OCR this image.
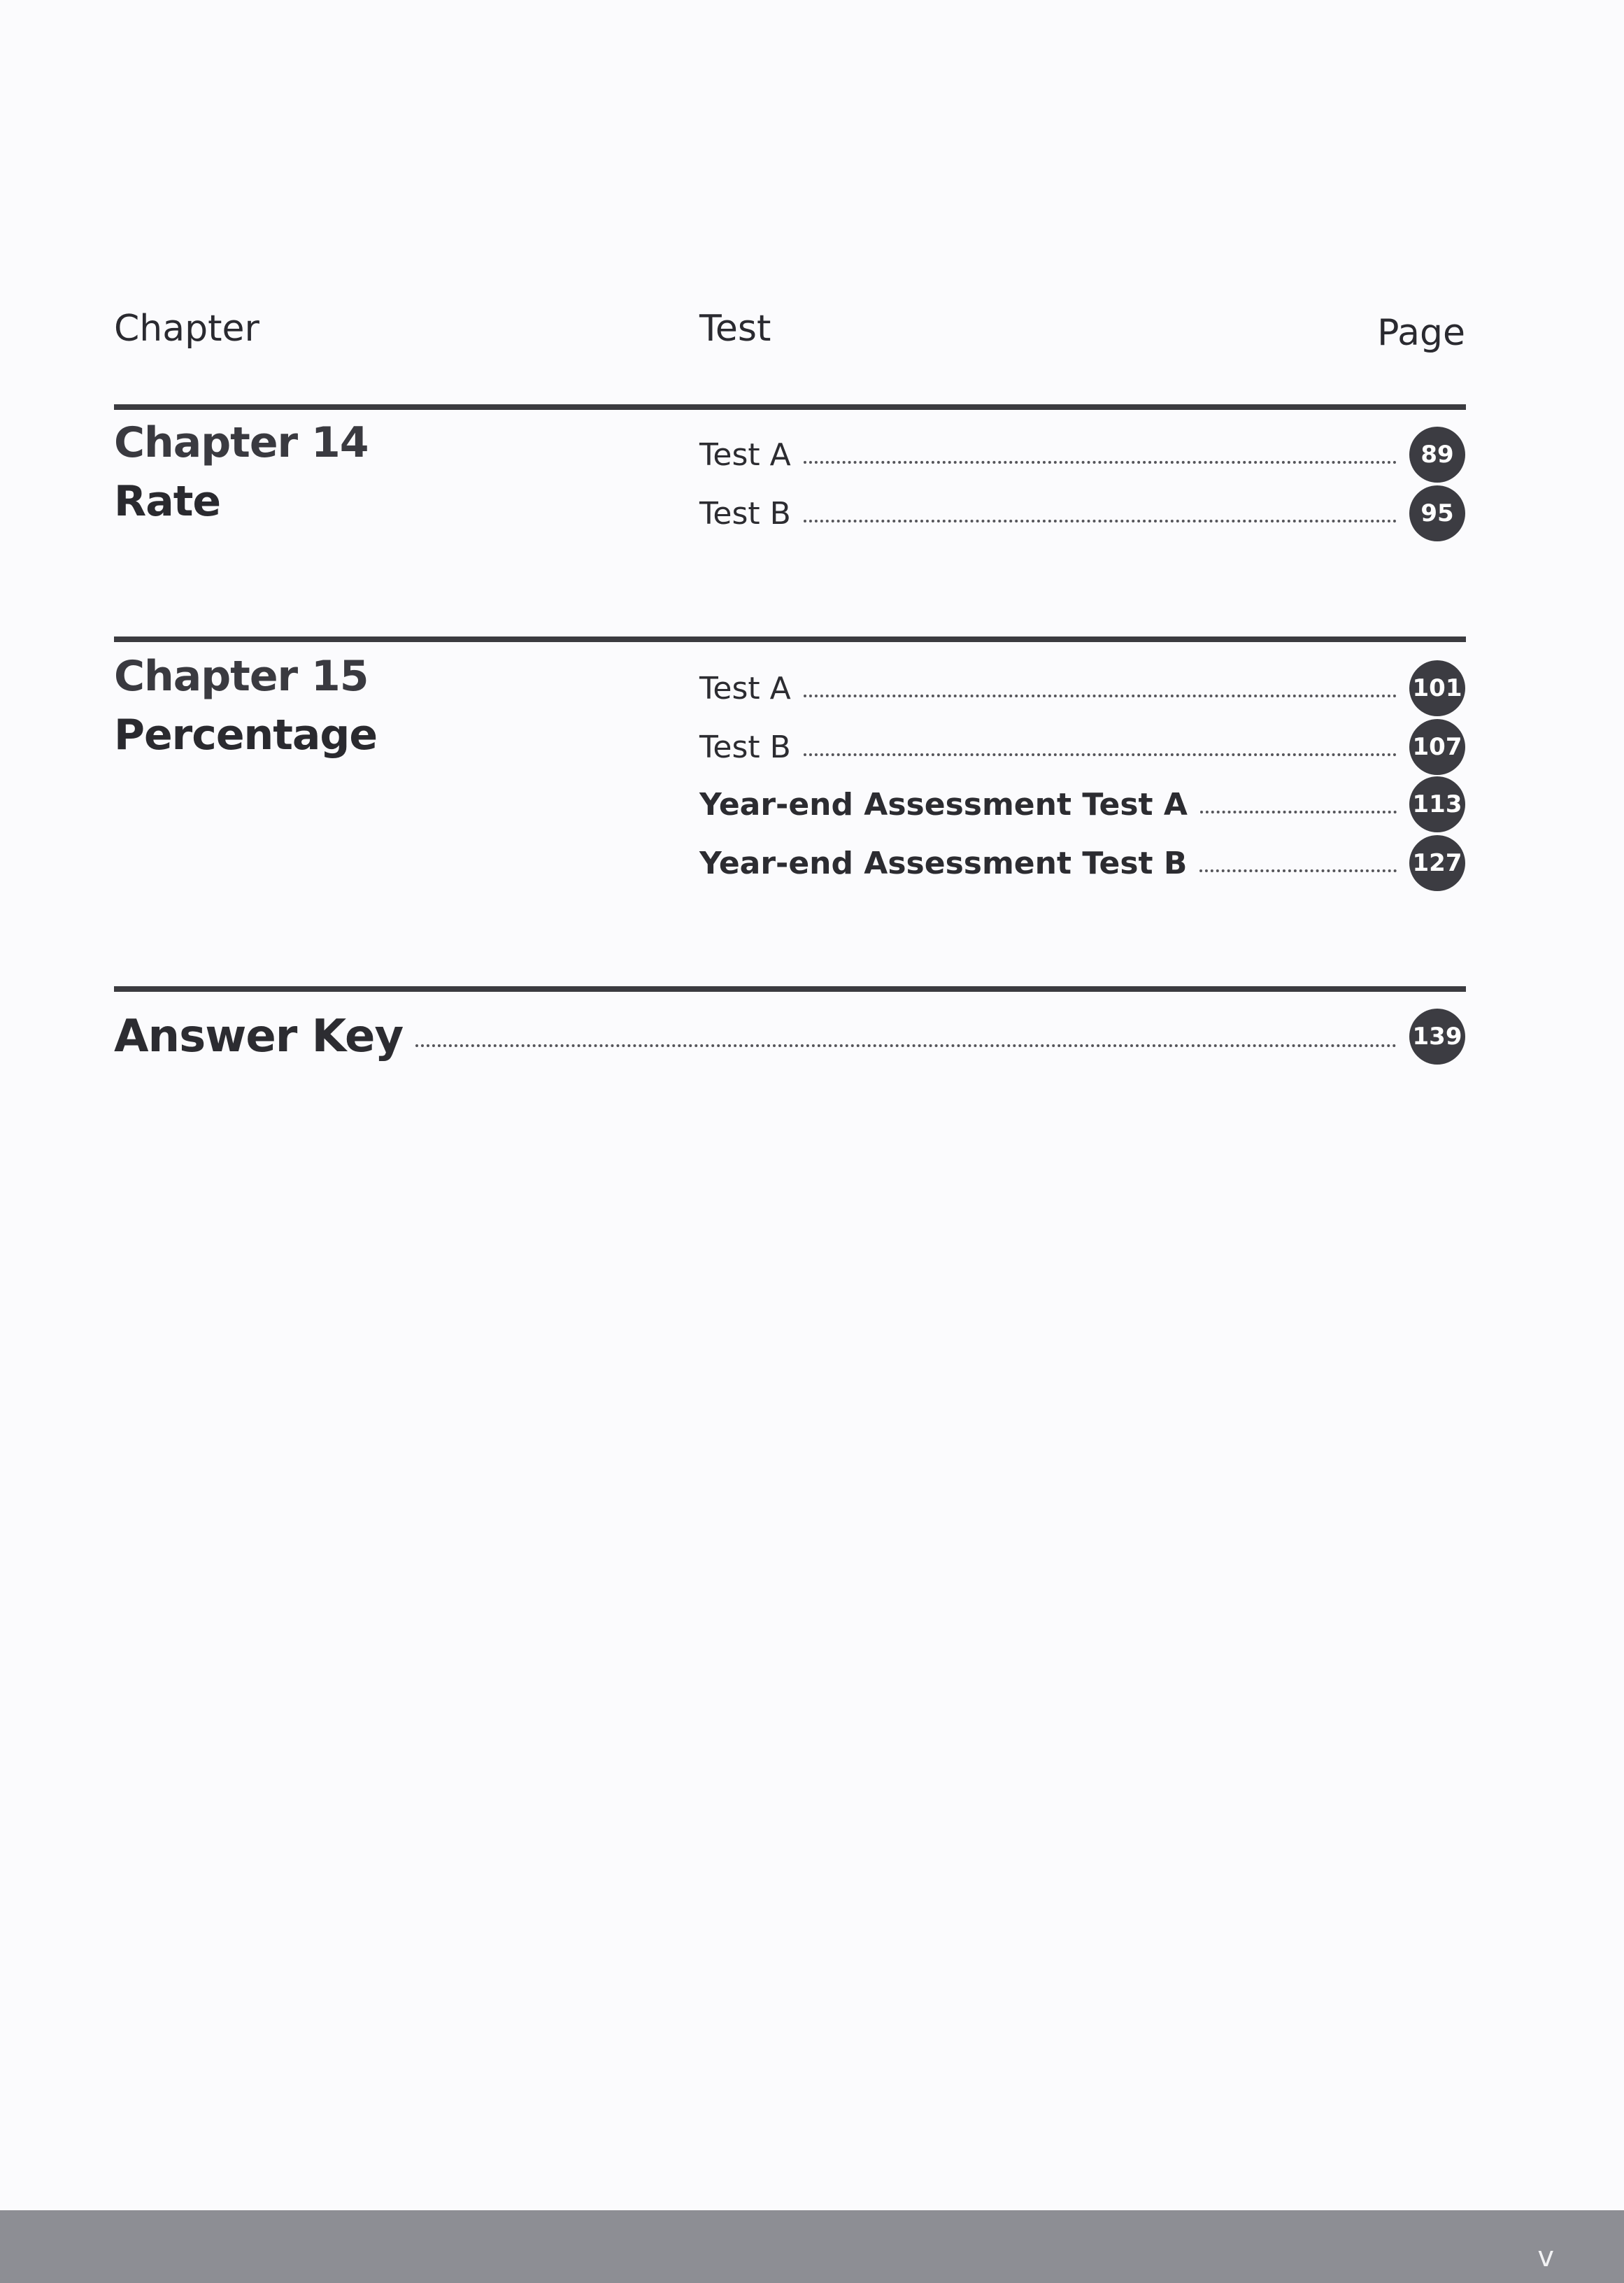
Chapter	Test	Page
Chapter 14
Rate
Test A	89
Test B	95
Chapter 15
Percentage
Test A	101
Test B	107
Year-end Assessment Test A	113
Year-end Assessment Test B	127
Answer Key	139
v
